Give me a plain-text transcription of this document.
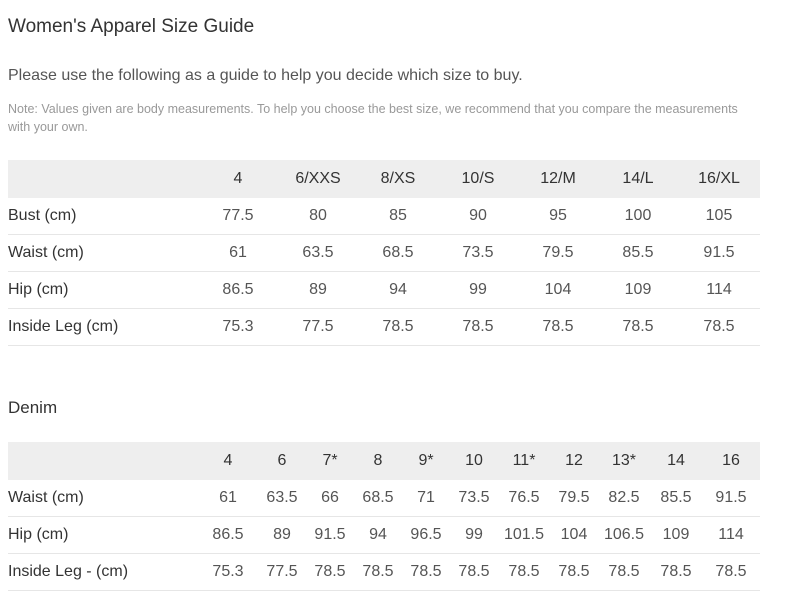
Women's Apparel Size Guide
Please use the following as a guide to help you decide which size to buy.
Note: Values given are body measurements. To help you choose the best size, we recommend that you compare the measurements with your own.
	4	6/XXS	8/XS	10/S	12/M	14/L	16/XL
Bust (cm)	77.5	80	85	90	95	100	105
Waist (cm)	61	63.5	68.5	73.5	79.5	85.5	91.5
Hip (cm)	86.5	89	94	99	104	109	114
Inside Leg (cm)	75.3	77.5	78.5	78.5	78.5	78.5	78.5
Denim
	4	6	7*	8	9*	10	11*	12	13*	14	16
Waist (cm)	61	63.5	66	68.5	71	73.5	76.5	79.5	82.5	85.5	91.5
Hip (cm)	86.5	89	91.5	94	96.5	99	101.5	104	106.5	109	114
Inside Leg - (cm)	75.3	77.5	78.5	78.5	78.5	78.5	78.5	78.5	78.5	78.5	78.5
